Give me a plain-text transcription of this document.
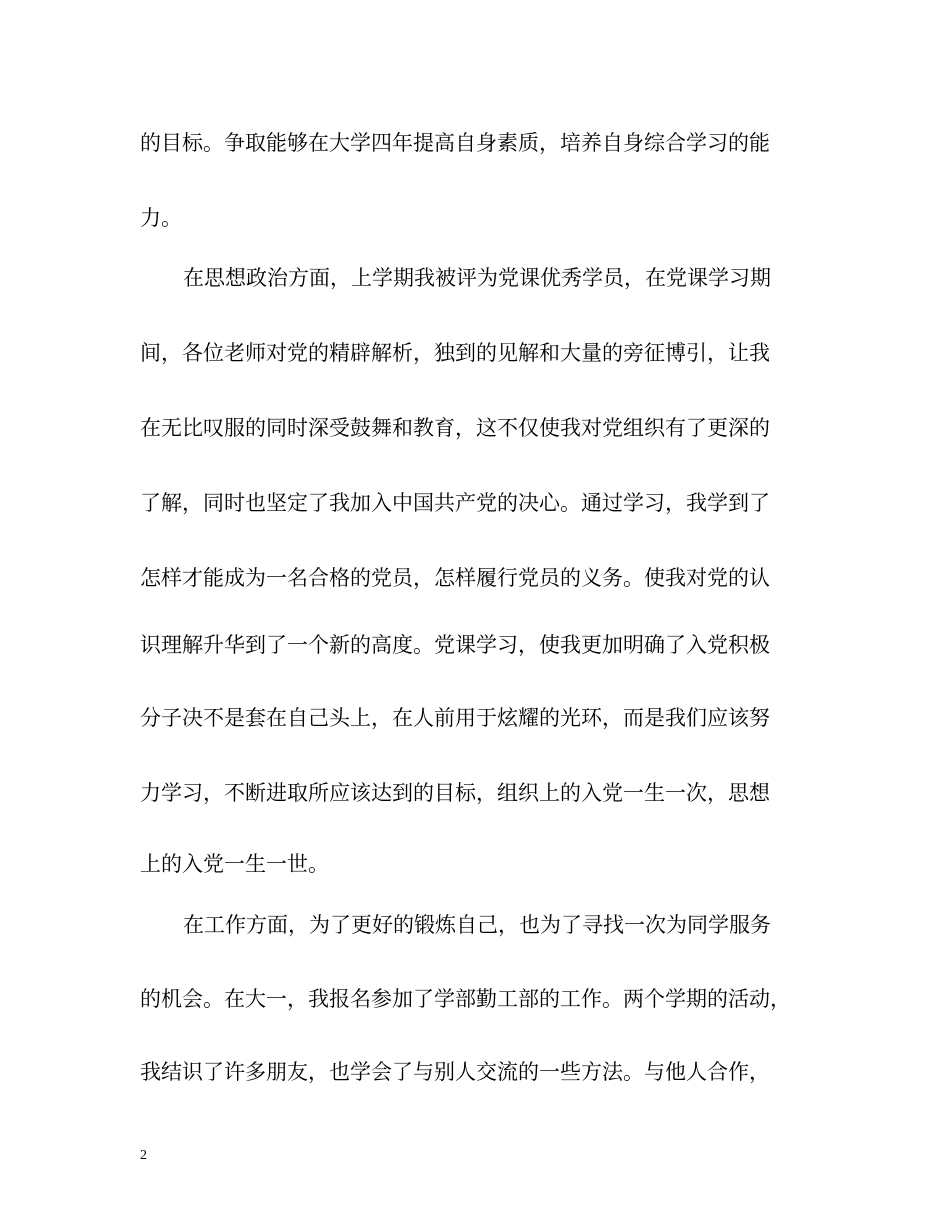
的目标。争取能够在大学四年提高自身素质，培养自身综合学习的能
力。
在思想政治方面，上学期我被评为党课优秀学员，在党课学习期
间，各位老师对党的精辟解析，独到的见解和大量的旁征博引，让我
在无比叹服的同时深受鼓舞和教育，这不仅使我对党组织有了更深的
了解，同时也坚定了我加入中国共产党的决心。通过学习，我学到了
怎样才能成为一名合格的党员，怎样履行党员的义务。使我对党的认
识理解升华到了一个新的高度。党课学习，使我更加明确了入党积极
分子决不是套在自己头上，在人前用于炫耀的光环，而是我们应该努
力学习，不断进取所应该达到的目标，组织上的入党一生一次，思想
上的入党一生一世。
在工作方面，为了更好的锻炼自己，也为了寻找一次为同学服务
的机会。在大一，我报名参加了学部勤工部的工作。两个学期的活动，
我结识了许多朋友，也学会了与别人交流的一些方法。与他人合作，
2
